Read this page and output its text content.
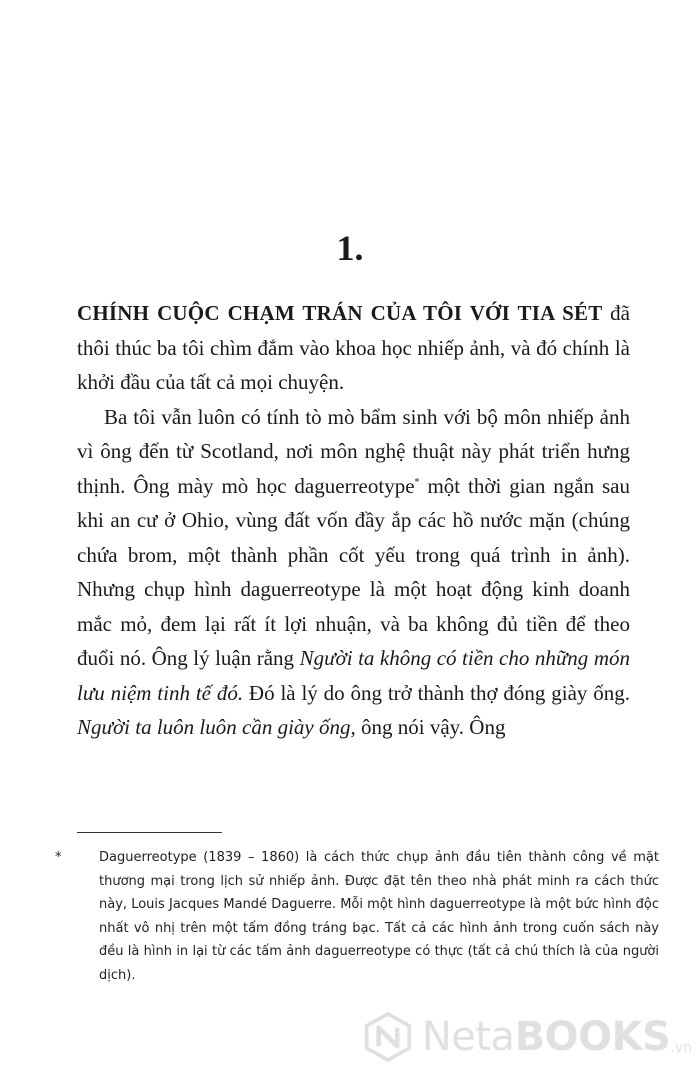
1.

CHÍNH CUỘC CHẠM TRÁN CỦA TÔI VỚI TIA SÉT đã thôi thúc ba tôi chìm đắm vào khoa học nhiếp ảnh, và đó chính là khởi đầu của tất cả mọi chuyện.

Ba tôi vẫn luôn có tính tò mò bẩm sinh với bộ môn nhiếp ảnh vì ông đến từ Scotland, nơi môn nghệ thuật này phát triển hưng thịnh. Ông mày mò học daguerreotype* một thời gian ngắn sau khi an cư ở Ohio, vùng đất vốn đầy ắp các hồ nước mặn (chúng chứa brom, một thành phần cốt yếu trong quá trình in ảnh). Nhưng chụp hình daguerreotype là một hoạt động kinh doanh mắc mỏ, đem lại rất ít lợi nhuận, và ba không đủ tiền để theo đuổi nó. Ông lý luận rằng Người ta không có tiền cho những món lưu niệm tinh tế đó. Đó là lý do ông trở thành thợ đóng giày ống. Người ta luôn luôn cần giày ống, ông nói vậy. Ông

*	Daguerreotype (1839 – 1860) là cách thức chụp ảnh đầu tiên thành công về mặt thương mại trong lịch sử nhiếp ảnh. Được đặt tên theo nhà phát minh ra cách thức này, Louis Jacques Mandé Daguerre. Mỗi một hình daguerreotype là một bức hình độc nhất vô nhị trên một tấm đồng tráng bạc. Tất cả các hình ảnh trong cuốn sách này đều là hình in lại từ các tấm ảnh daguerreotype có thực (tất cả chú thích là của người dịch).
NetaBOOKS .vn
